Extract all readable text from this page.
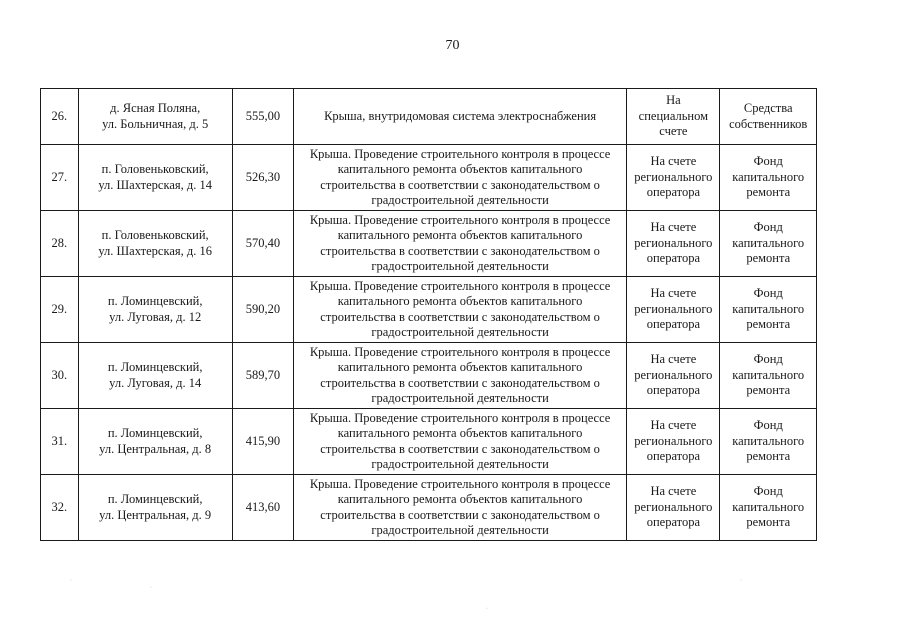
70
26.	д. Ясная Поляна,
ул. Больничная, д. 5	555,00	Крыша, внутридомовая система электроснабжения	На
специальном
счете	Средства
собственников

27.	п. Головеньковский,
ул. Шахтерская, д. 14	526,30	Крыша. Проведение строительного контроля в процессе
капитального ремонта объектов капитального
строительства в соответствии с законодательством о
градостроительной деятельности	На счете
регионального
оператора	Фонд
капитального
ремонта

28.	п. Головеньковский,
ул. Шахтерская, д. 16	570,40	Крыша. Проведение строительного контроля в процессе
капитального ремонта объектов капитального
строительства в соответствии с законодательством о
градостроительной деятельности	На счете
регионального
оператора	Фонд
капитального
ремонта

29.	п. Ломинцевский,
ул. Луговая, д. 12	590,20	Крыша. Проведение строительного контроля в процессе
капитального ремонта объектов капитального
строительства в соответствии с законодательством о
градостроительной деятельности	На счете
регионального
оператора	Фонд
капитального
ремонта

30.	п. Ломинцевский,
ул. Луговая, д. 14	589,70	Крыша. Проведение строительного контроля в процессе
капитального ремонта объектов капитального
строительства в соответствии с законодательством о
градостроительной деятельности	На счете
регионального
оператора	Фонд
капитального
ремонта

31.	п. Ломинцевский,
ул. Центральная, д. 8	415,90	Крыша. Проведение строительного контроля в процессе
капитального ремонта объектов капитального
строительства в соответствии с законодательством о
градостроительной деятельности	На счете
регионального
оператора	Фонд
капитального
ремонта

32.	п. Ломинцевский,
ул. Центральная, д. 9	413,60	Крыша. Проведение строительного контроля в процессе
капитального ремонта объектов капитального
строительства в соответствии с законодательством о
градостроительной деятельности	На счете
регионального
оператора	Фонд
капитального
ремонта
·
·
·
·
